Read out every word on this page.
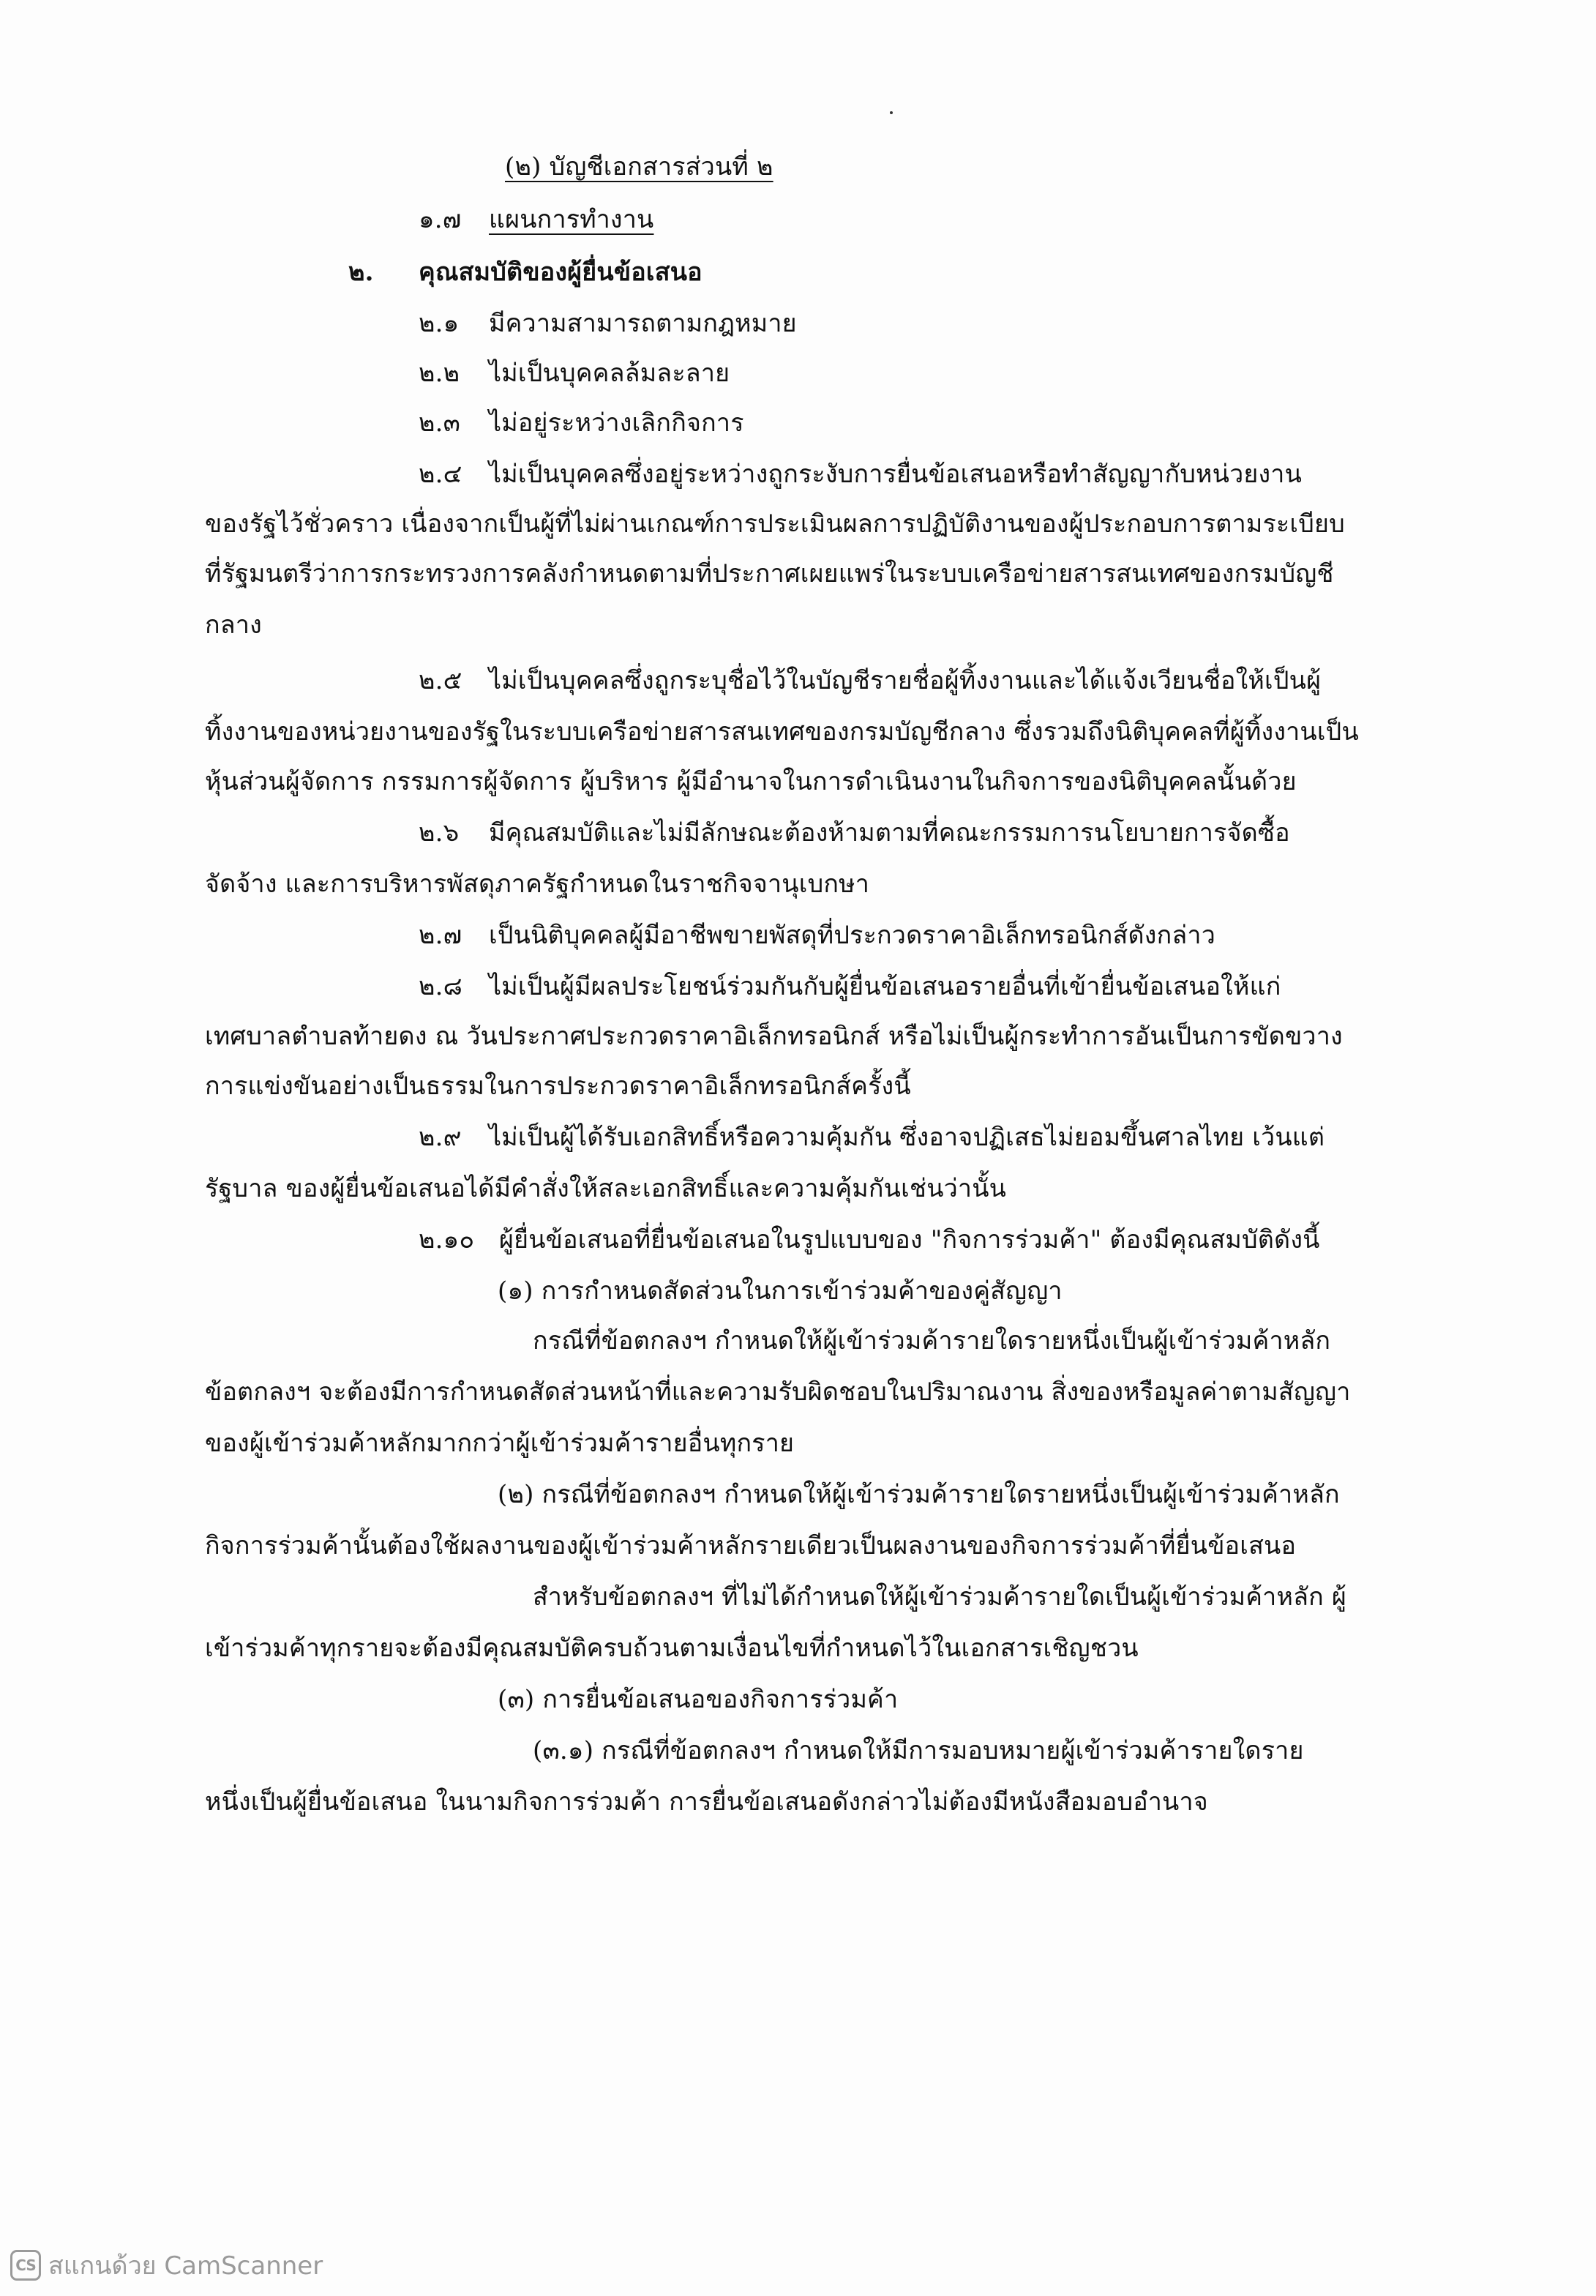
(๒) บัญชีเอกสารส่วนที่ ๒
๑.๗ แผนการทำงาน
๒. คุณสมบัติของผู้ยื่นข้อเสนอ
๒.๑ มีความสามารถตามกฎหมาย
๒.๒ ไม่เป็นบุคคลล้มละลาย
๒.๓ ไม่อยู่ระหว่างเลิกกิจการ
๒.๔ ไม่เป็นบุคคลซึ่งอยู่ระหว่างถูกระงับการยื่นข้อเสนอหรือทำสัญญากับหน่วยงาน
ของรัฐไว้ชั่วคราว เนื่องจากเป็นผู้ที่ไม่ผ่านเกณฑ์การประเมินผลการปฏิบัติงานของผู้ประกอบการตามระเบียบ
ที่รัฐมนตรีว่าการกระทรวงการคลังกำหนดตามที่ประกาศเผยแพร่ในระบบเครือข่ายสารสนเทศของกรมบัญชี
กลาง
๒.๕ ไม่เป็นบุคคลซึ่งถูกระบุชื่อไว้ในบัญชีรายชื่อผู้ทิ้งงานและได้แจ้งเวียนชื่อให้เป็นผู้
ทิ้งงานของหน่วยงานของรัฐในระบบเครือข่ายสารสนเทศของกรมบัญชีกลาง ซึ่งรวมถึงนิติบุคคลที่ผู้ทิ้งงานเป็น
หุ้นส่วนผู้จัดการ กรรมการผู้จัดการ ผู้บริหาร ผู้มีอำนาจในการดำเนินงานในกิจการของนิติบุคคลนั้นด้วย
๒.๖ มีคุณสมบัติและไม่มีลักษณะต้องห้ามตามที่คณะกรรมการนโยบายการจัดซื้อ
จัดจ้าง และการบริหารพัสดุภาครัฐกำหนดในราชกิจจานุเบกษา
๒.๗ เป็นนิติบุคคลผู้มีอาชีพขายพัสดุที่ประกวดราคาอิเล็กทรอนิกส์ดังกล่าว
๒.๘ ไม่เป็นผู้มีผลประโยชน์ร่วมกันกับผู้ยื่นข้อเสนอรายอื่นที่เข้ายื่นข้อเสนอให้แก่
เทศบาลตำบลท้ายดง ณ วันประกาศประกวดราคาอิเล็กทรอนิกส์ หรือไม่เป็นผู้กระทำการอันเป็นการขัดขวาง
การแข่งขันอย่างเป็นธรรมในการประกวดราคาอิเล็กทรอนิกส์ครั้งนี้
๒.๙ ไม่เป็นผู้ได้รับเอกสิทธิ์หรือความคุ้มกัน ซึ่งอาจปฏิเสธไม่ยอมขึ้นศาลไทย เว้นแต่
รัฐบาล ของผู้ยื่นข้อเสนอได้มีคำสั่งให้สละเอกสิทธิ์และความคุ้มกันเช่นว่านั้น
๒.๑๐ ผู้ยื่นข้อเสนอที่ยื่นข้อเสนอในรูปแบบของ "กิจการร่วมค้า" ต้องมีคุณสมบัติดังนี้
(๑) การกำหนดสัดส่วนในการเข้าร่วมค้าของคู่สัญญา
กรณีที่ข้อตกลงฯ กำหนดให้ผู้เข้าร่วมค้ารายใดรายหนึ่งเป็นผู้เข้าร่วมค้าหลัก
ข้อตกลงฯ จะต้องมีการกำหนดสัดส่วนหน้าที่และความรับผิดชอบในปริมาณงาน สิ่งของหรือมูลค่าตามสัญญา
ของผู้เข้าร่วมค้าหลักมากกว่าผู้เข้าร่วมค้ารายอื่นทุกราย
(๒) กรณีที่ข้อตกลงฯ กำหนดให้ผู้เข้าร่วมค้ารายใดรายหนึ่งเป็นผู้เข้าร่วมค้าหลัก
กิจการร่วมค้านั้นต้องใช้ผลงานของผู้เข้าร่วมค้าหลักรายเดียวเป็นผลงานของกิจการร่วมค้าที่ยื่นข้อเสนอ
สำหรับข้อตกลงฯ ที่ไม่ได้กำหนดให้ผู้เข้าร่วมค้ารายใดเป็นผู้เข้าร่วมค้าหลัก ผู้
เข้าร่วมค้าทุกรายจะต้องมีคุณสมบัติครบถ้วนตามเงื่อนไขที่กำหนดไว้ในเอกสารเชิญชวน
(๓) การยื่นข้อเสนอของกิจการร่วมค้า
(๓.๑) กรณีที่ข้อตกลงฯ กำหนดให้มีการมอบหมายผู้เข้าร่วมค้ารายใดราย
หนึ่งเป็นผู้ยื่นข้อเสนอ ในนามกิจการร่วมค้า การยื่นข้อเสนอดังกล่าวไม่ต้องมีหนังสือมอบอำนาจ
CS สแกนด้วย CamScanner
